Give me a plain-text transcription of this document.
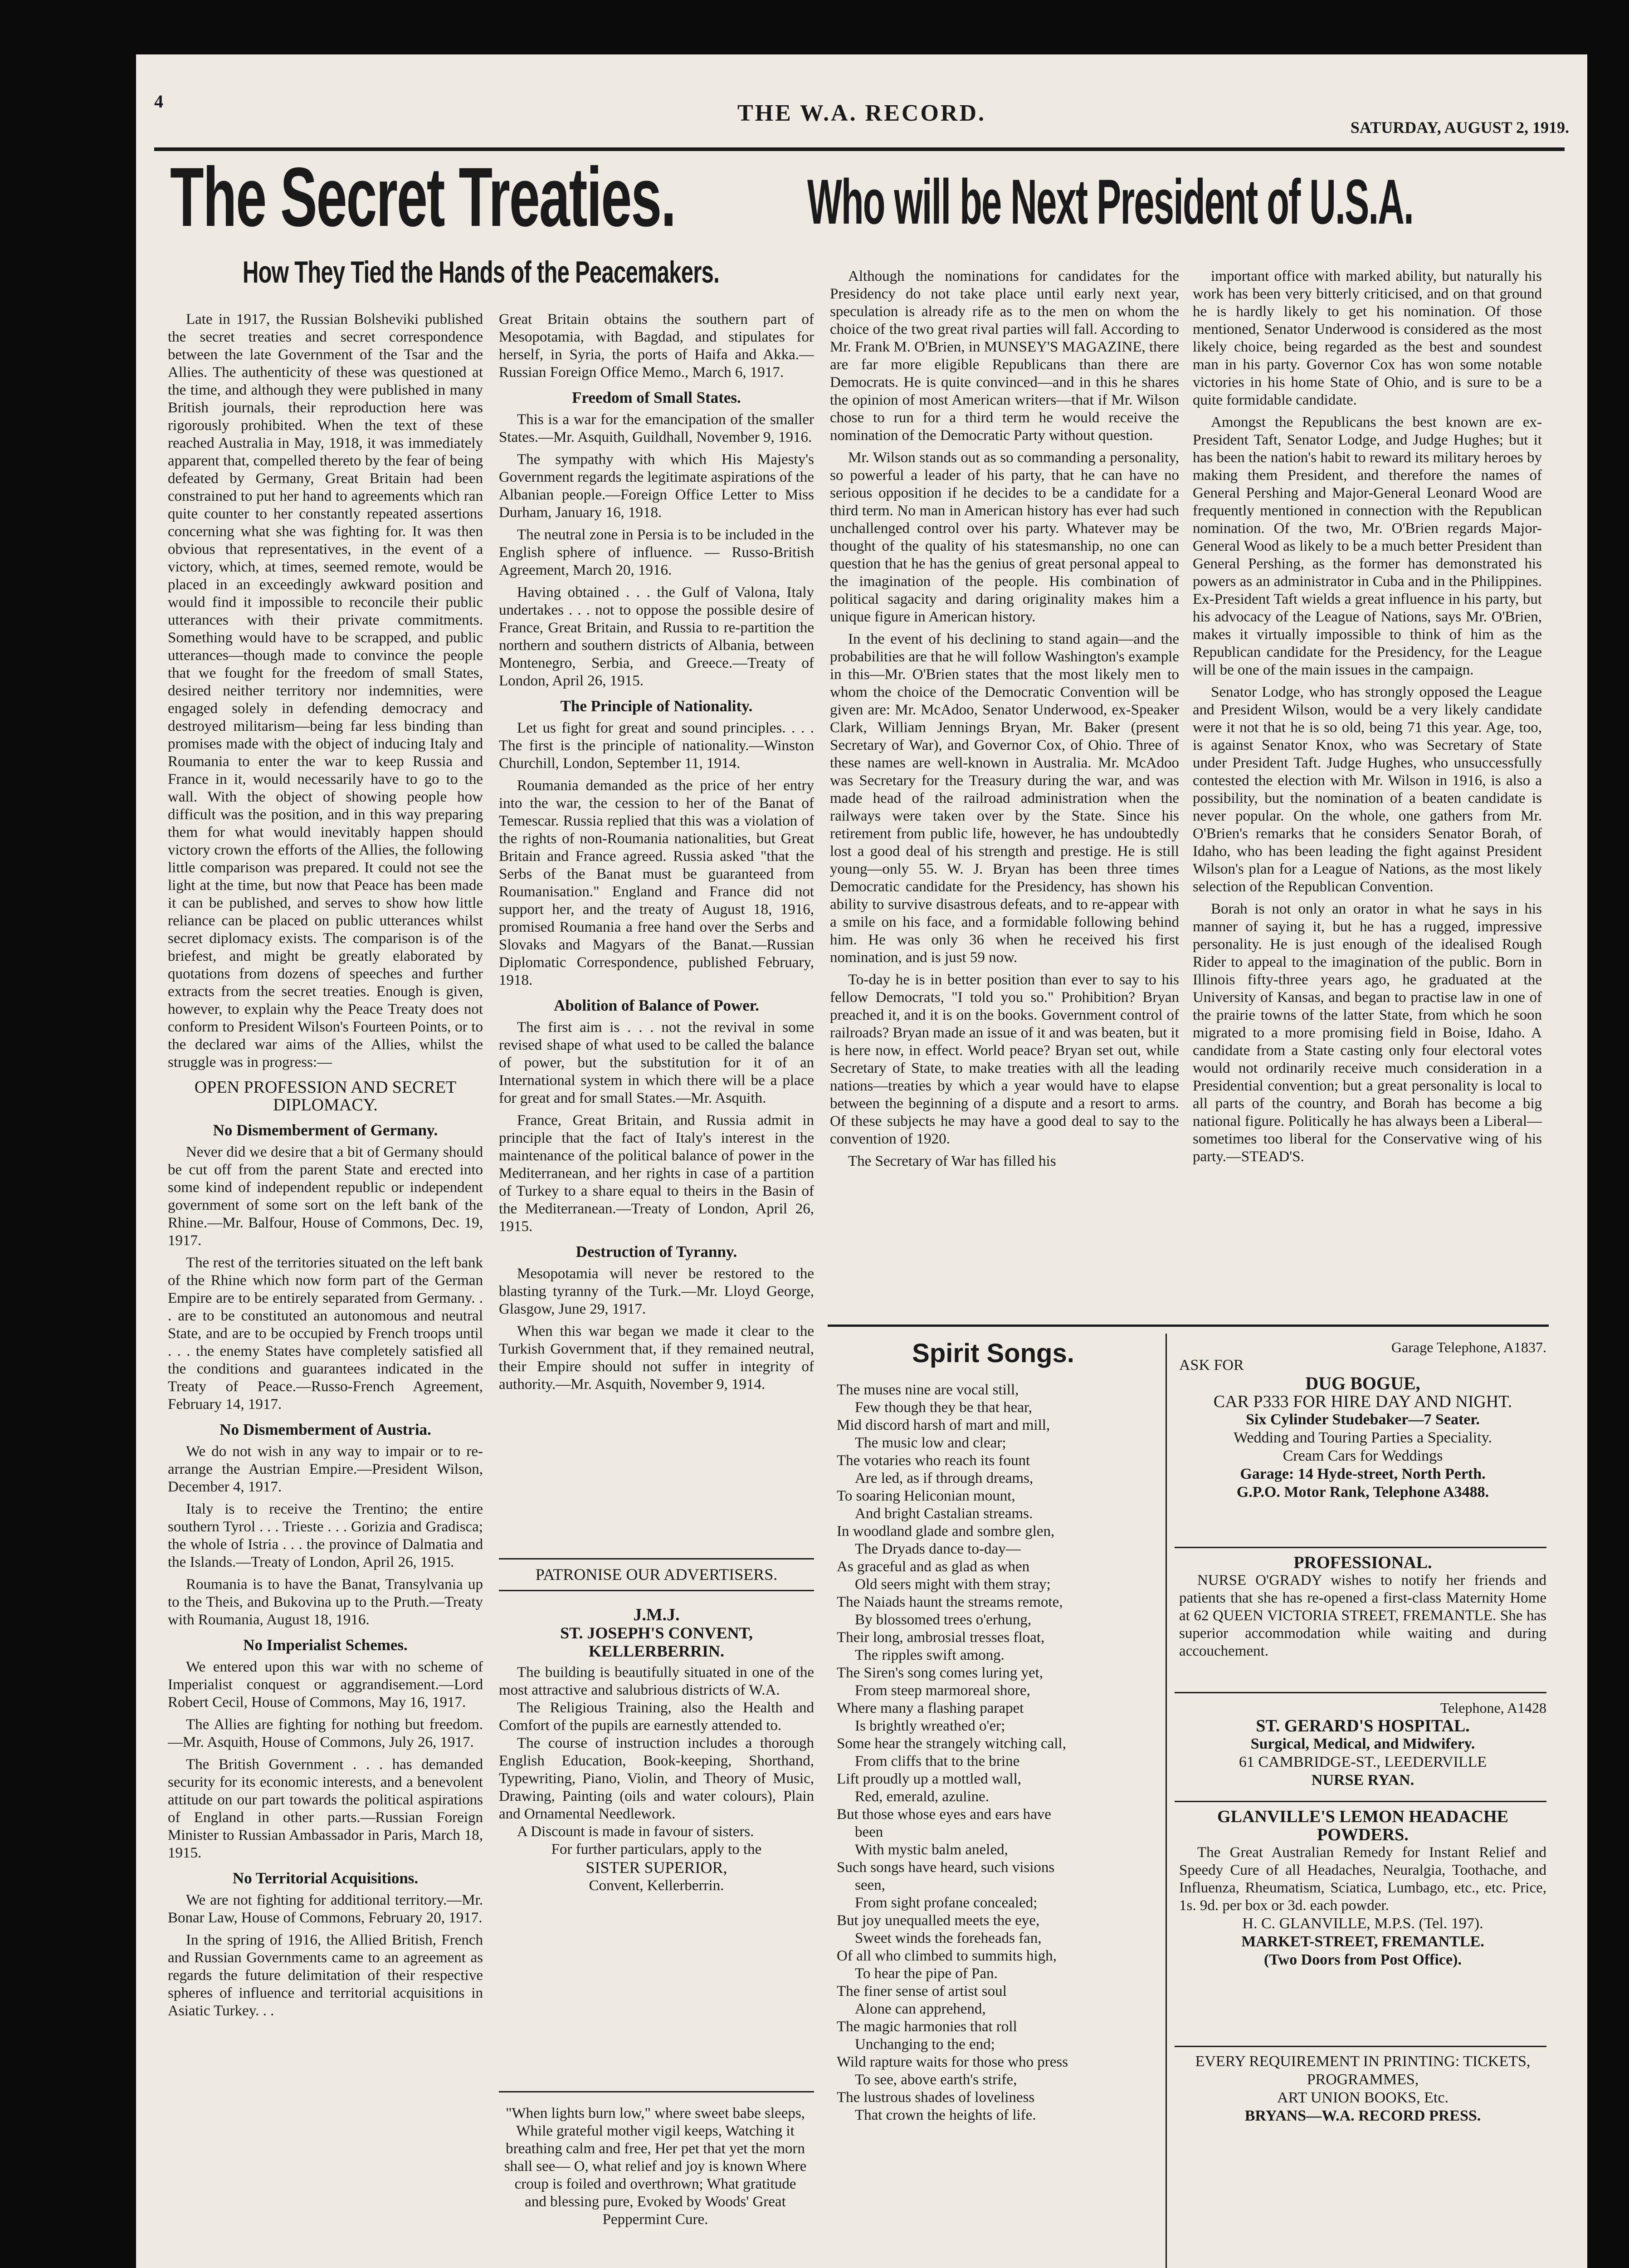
4	THE W.A. RECORD.
SATURDAY, AUGUST 2, 1919.
The Secret Treaties. Who will be Next President of U.S.A.
How They Tied the Hands of the Peacemakers.

Late in 1917, the Russian Bolsheviki published the secret treaties and secret correspondence between the late Government of the Tsar and the Allies. The authenticity of these was questioned at the time, and although they were published in many British journals, their reproduction here was rigorously prohibited. When the text of these reached Australia in May, 1918, it was immediately apparent that, compelled thereto by the fear of being defeated by Germany, Great Britain had been constrained to put her hand to agreements which ran quite counter to her constantly repeated assertions concerning what she was fighting for. It was then obvious that representatives, in the event of a victory, which, at times, seemed remote, would be placed in an exceedingly awkward position and would find it impossible to reconcile their public utterances with their private commitments. Something would have to be scrapped, and public utterances—though made to convince the people that we fought for the freedom of small States, desired neither territory nor indemnities, were engaged solely in defending democracy and destroyed militarism—being far less binding than promises made with the object of inducing Italy and Roumania to enter the war to keep Russia and France in it, would necessarily have to go to the wall. With the object of showing people how difficult was the position, and in this way preparing them for what would inevitably happen should victory crown the efforts of the Allies, the following little comparison was prepared. It could not see the light at the time, but now that Peace has been made it can be published, and serves to show how little reliance can be placed on public utterances whilst secret diplomacy exists. The comparison is of the briefest, and might be greatly elaborated by quotations from dozens of speeches and further extracts from the secret treaties. Enough is given, however, to explain why the Peace Treaty does not conform to President Wilson's Fourteen Points, or to the declared war aims of the Allies, whilst the struggle was in progress:—

OPEN PROFESSION AND SECRET DIPLOMACY.
No Dismemberment of Germany.

Never did we desire that a bit of Germany should be cut off from the parent State and erected into some kind of independent republic or independent government of some sort on the left bank of the Rhine.—Mr. Balfour, House of Commons, Dec. 19, 1917.

The rest of the territories situated on the left bank of the Rhine which now form part of the German Empire are to be entirely separated from Germany. . . are to be constituted an autonomous and neutral State, and are to be occupied by French troops until . . . the enemy States have completely satisfied all the conditions and guarantees indicated in the Treaty of Peace.—Russo-French Agreement, February 14, 1917.

No Dismemberment of Austria.

We do not wish in any way to impair or to re-arrange the Austrian Empire.—President Wilson, December 4, 1917.

Italy is to receive the Trentino; the entire southern Tyrol . . . Trieste . . . Gorizia and Gradisca; the whole of Istria . . . the province of Dalmatia and the Islands.—Treaty of London, April 26, 1915.

Roumania is to have the Banat, Transylvania up to the Theis, and Bukovina up to the Pruth.—Treaty with Roumania, August 18, 1916.

No Imperialist Schemes.

We entered upon this war with no scheme of Imperialist conquest or aggrandisement.—Lord Robert Cecil, House of Commons, May 16, 1917.

The Allies are fighting for nothing but freedom.—Mr. Asquith, House of Commons, July 26, 1917.

The British Government . . . has demanded security for its economic interests, and a benevolent attitude on our part towards the political aspirations of England in other parts.—Russian Foreign Minister to Russian Ambassador in Paris, March 18, 1915.

No Territorial Acquisitions.

We are not fighting for additional territory.—Mr. Bonar Law, House of Commons, February 20, 1917.

In the spring of 1916, the Allied British, French and Russian Governments came to an agreement as regards the future delimitation of their respective spheres of influence and territorial acquisitions in Asiatic Turkey. . .

Great Britain obtains the southern part of Mesopotamia, with Bagdad, and stipulates for herself, in Syria, the ports of Haifa and Akka.—Russian Foreign Office Memo., March 6, 1917.

Freedom of Small States.

This is a war for the emancipation of the smaller States.—Mr. Asquith, Guildhall, November 9, 1916.

The sympathy with which His Majesty's Government regards the legitimate aspirations of the Albanian people.—Foreign Office Letter to Miss Durham, January 16, 1918.

The neutral zone in Persia is to be included in the English sphere of influence. — Russo-British Agreement, March 20, 1916.

Having obtained . . . the Gulf of Valona, Italy undertakes . . . not to oppose the possible desire of France, Great Britain, and Russia to re-partition the northern and southern districts of Albania, between Montenegro, Serbia, and Greece.—Treaty of London, April 26, 1915.

The Principle of Nationality.

Let us fight for great and sound principles. . . . The first is the principle of nationality.—Winston Churchill, London, September 11, 1914.

Roumania demanded as the price of her entry into the war, the cession to her of the Banat of Temescar. Russia replied that this was a violation of the rights of non-Roumania nationalities, but Great Britain and France agreed. Russia asked "that the Serbs of the Banat must be guaranteed from Roumanisation." England and France did not support her, and the treaty of August 18, 1916, promised Roumania a free hand over the Serbs and Slovaks and Magyars of the Banat.—Russian Diplomatic Correspondence, published February, 1918.

Abolition of Balance of Power.

The first aim is . . . not the revival in some revised shape of what used to be called the balance of power, but the substitution for it of an International system in which there will be a place for great and for small States.—Mr. Asquith.

France, Great Britain, and Russia admit in principle that the fact of Italy's interest in the maintenance of the political balance of power in the Mediterranean, and her rights in case of a partition of Turkey to a share equal to theirs in the Basin of the Mediterranean.—Treaty of London, April 26, 1915.

Destruction of Tyranny.

Mesopotamia will never be restored to the blasting tyranny of the Turk.—Mr. Lloyd George, Glasgow, June 29, 1917.

When this war began we made it clear to the Turkish Government that, if they remained neutral, their Empire should not suffer in integrity of authority.—Mr. Asquith, November 9, 1914.

Although the nominations for candidates for the Presidency do not take place until early next year, speculation is already rife as to the men on whom the choice of the two great rival parties will fall. According to Mr. Frank M. O'Brien, in MUNSEY'S MAGAZINE, there are far more eligible Republicans than there are Democrats. He is quite convinced—and in this he shares the opinion of most American writers—that if Mr. Wilson chose to run for a third term he would receive the nomination of the Democratic Party without question.

Mr. Wilson stands out as so commanding a personality, so powerful a leader of his party, that he can have no serious opposition if he decides to be a candidate for a third term. No man in American history has ever had such unchallenged control over his party. Whatever may be thought of the quality of his statesmanship, no one can question that he has the genius of great personal appeal to the imagination of the people. His combination of political sagacity and daring originality makes him a unique figure in American history.

In the event of his declining to stand again—and the probabilities are that he will follow Washington's example in this—Mr. O'Brien states that the most likely men to whom the choice of the Democratic Convention will be given are: Mr. McAdoo, Senator Underwood, ex-Speaker Clark, William Jennings Bryan, Mr. Baker (present Secretary of War), and Governor Cox, of Ohio. Three of these names are well-known in Australia. Mr. McAdoo was Secretary for the Treasury during the war, and was made head of the railroad administration when the railways were taken over by the State. Since his retirement from public life, however, he has undoubtedly lost a good deal of his strength and prestige. He is still young—only 55. W. J. Bryan has been three times Democratic candidate for the Presidency, has shown his ability to survive disastrous defeats, and to re-appear with a smile on his face, and a formidable following behind him. He was only 36 when he received his first nomination, and is just 59 now.

To-day he is in better position than ever to say to his fellow Democrats, "I told you so." Prohibition? Bryan preached it, and it is on the books. Government control of railroads? Bryan made an issue of it and was beaten, but it is here now, in effect. World peace? Bryan set out, while Secretary of State, to make treaties with all the leading nations—treaties by which a year would have to elapse between the beginning of a dispute and a resort to arms. Of these subjects he may have a good deal to say to the convention of 1920.

The Secretary of War has filled his

important office with marked ability, but naturally his work has been very bitterly criticised, and on that ground he is hardly likely to get his nomination. Of those mentioned, Senator Underwood is considered as the most likely choice, being regarded as the best and soundest man in his party. Governor Cox has won some notable victories in his home State of Ohio, and is sure to be a quite formidable candidate.

Amongst the Republicans the best known are ex-President Taft, Senator Lodge, and Judge Hughes; but it has been the nation's habit to reward its military heroes by making them President, and therefore the names of General Pershing and Major-General Leonard Wood are frequently mentioned in connection with the Republican nomination. Of the two, Mr. O'Brien regards Major-General Wood as likely to be a much better President than General Pershing, as the former has demonstrated his powers as an administrator in Cuba and in the Philippines. Ex-President Taft wields a great influence in his party, but his advocacy of the League of Nations, says Mr. O'Brien, makes it virtually impossible to think of him as the Republican candidate for the Presidency, for the League will be one of the main issues in the campaign.

Senator Lodge, who has strongly opposed the League and President Wilson, would be a very likely candidate were it not that he is so old, being 71 this year. Age, too, is against Senator Knox, who was Secretary of State under President Taft. Judge Hughes, who unsuccessfully contested the election with Mr. Wilson in 1916, is also a possibility, but the nomination of a beaten candidate is never popular. On the whole, one gathers from Mr. O'Brien's remarks that he considers Senator Borah, of Idaho, who has been leading the fight against President Wilson's plan for a League of Nations, as the most likely selection of the Republican Convention.

Borah is not only an orator in what he says in his manner of saying it, but he has a rugged, impressive personality. He is just enough of the idealised Rough Rider to appeal to the imagination of the public. Born in Illinois fifty-three years ago, he graduated at the University of Kansas, and began to practise law in one of the prairie towns of the latter State, from which he soon migrated to a more promising field in Boise, Idaho. A candidate from a State casting only four electoral votes would not ordinarily receive much consideration in a Presidential convention; but a great personality is local to all parts of the country, and Borah has become a big national figure. Politically he has always been a Liberal—sometimes too liberal for the Conservative wing of his party.—STEAD'S.

PATRONISE OUR ADVERTISERS.
J.M.J.
ST. JOSEPH'S CONVENT, KELLERBERRIN.
The building is beautifully situated in one of the most attractive and salubrious districts of W.A.
The Religious Training, also the Health and Comfort of the pupils are earnestly attended to.
The course of instruction includes a thorough English Education, Book-keeping, Shorthand, Typewriting, Piano, Violin, and Theory of Music, Drawing, Painting (oils and water colours), Plain and Ornamental Needlework.
A Discount is made in favour of sisters.
For further particulars, apply to the
SISTER SUPERIOR,
Convent, Kellerberrin.
"When lights burn low," where sweet babe sleeps, While grateful mother vigil keeps, Watching it breathing calm and free, Her pet that yet the morn shall see— O, what relief and joy is known Where croup is foiled and overthrown; What gratitude and blessing pure, Evoked by Woods' Great Peppermint Cure.
Spirit Songs.
The muses nine are vocal still,
Few though they be that hear,
Mid discord harsh of mart and mill,
The music low and clear;
The votaries who reach its fount
Are led, as if through dreams,
To soaring Heliconian mount,
And bright Castalian streams.
In woodland glade and sombre glen,
The Dryads dance to-day—
As graceful and as glad as when
Old seers might with them stray;
The Naiads haunt the streams remote,
By blossomed trees o'erhung,
Their long, ambrosial tresses float,
The ripples swift among.
The Siren's song comes luring yet,
From steep marmoreal shore,
Where many a flashing parapet
Is brightly wreathed o'er;
Some hear the strangely witching call,
From cliffs that to the brine
Lift proudly up a mottled wall,
Red, emerald, azuline.
But those whose eyes and ears have
been
With mystic balm aneled,
Such songs have heard, such visions
seen,
From sight profane concealed;
But joy unequalled meets the eye,
Sweet winds the foreheads fan,
Of all who climbed to summits high,
To hear the pipe of Pan.
The finer sense of artist soul
Alone can apprehend,
The magic harmonies that roll
Unchanging to the end;
Wild rapture waits for those who press
To see, above earth's strife,
The lustrous shades of loveliness
That crown the heights of life.
Garage Telephone, A1837.
ASK FOR
DUG BOGUE,
CAR P333 FOR HIRE DAY AND NIGHT.
Six Cylinder Studebaker—7 Seater.
Wedding and Touring Parties a Speciality.
Cream Cars for Weddings
Garage: 14 Hyde-street, North Perth.
G.P.O. Motor Rank, Telephone A3488.
PROFESSIONAL.
NURSE O'GRADY wishes to notify her friends and patients that she has re-opened a first-class Maternity Home at 62 QUEEN VICTORIA STREET, FREMANTLE. She has superior accommodation while waiting and during accouchement.
Telephone, A1428
ST. GERARD'S HOSPITAL.
Surgical, Medical, and Midwifery.
61 CAMBRIDGE-ST., LEEDERVILLE
NURSE RYAN.
GLANVILLE'S LEMON HEADACHE POWDERS.
The Great Australian Remedy for Instant Relief and Speedy Cure of all Headaches, Neuralgia, Toothache, and Influenza, Rheumatism, Sciatica, Lumbago, etc., etc. Price, 1s. 9d. per box or 3d. each powder.
H. C. GLANVILLE, M.P.S. (Tel. 197).
MARKET-STREET, FREMANTLE.
(Two Doors from Post Office).
EVERY REQUIREMENT IN PRINTING: TICKETS, PROGRAMMES,
ART UNION BOOKS, Etc.
BRYANS—W.A. RECORD PRESS.
